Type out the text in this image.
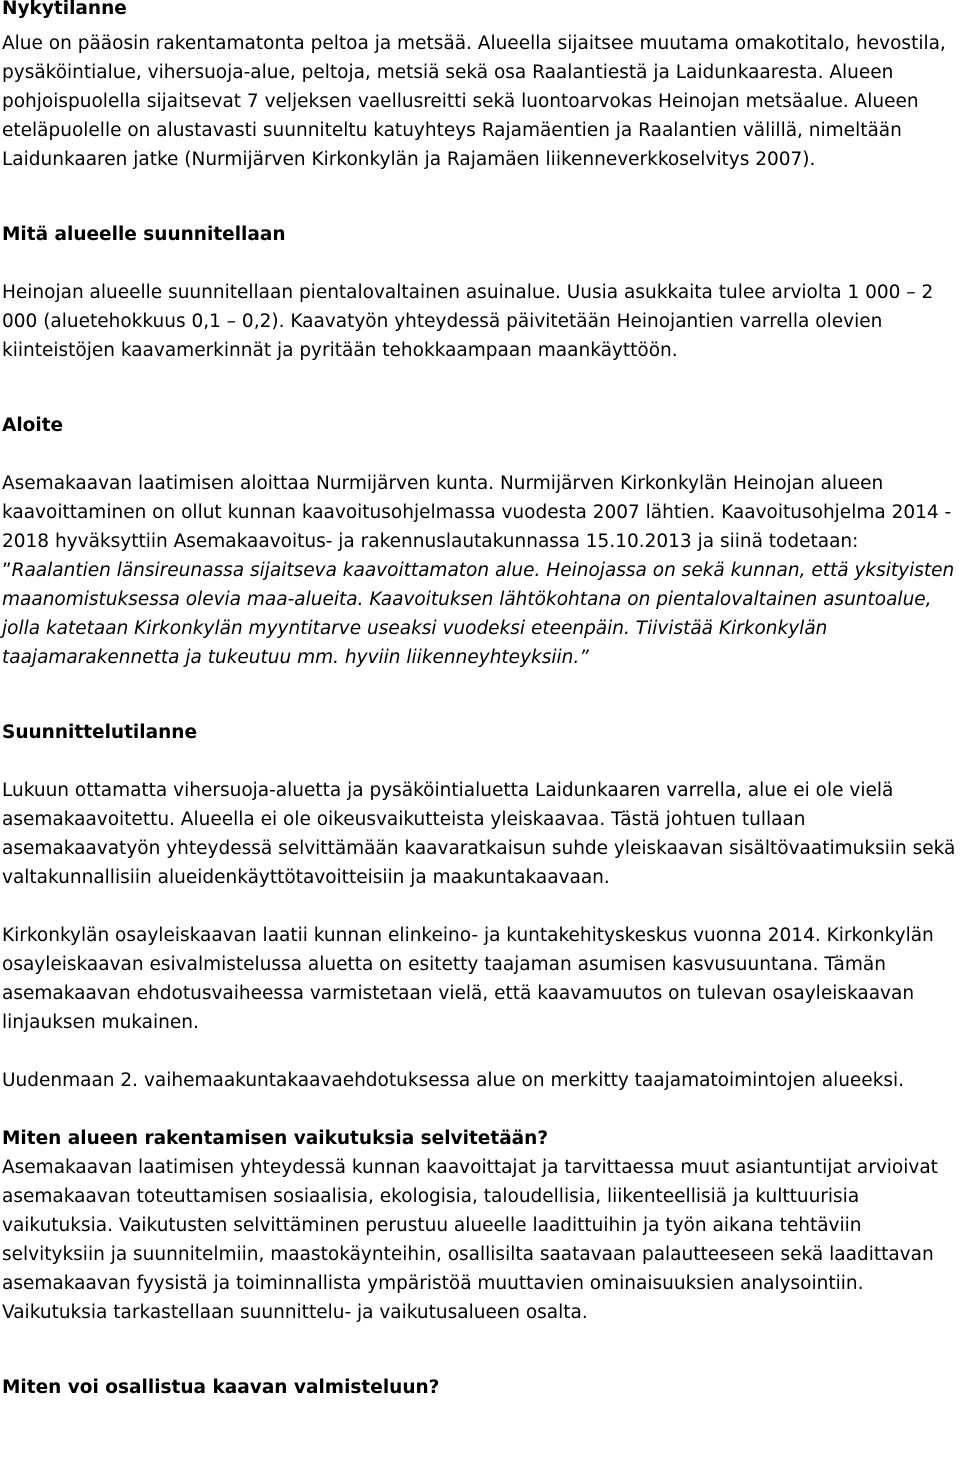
Nykytilanne

Alue on pääosin rakentamatonta peltoa ja metsää. Alueella sijaitsee muutama omakotitalo, hevostila, pysäköintialue, vihersuoja-alue, peltoja, metsiä sekä osa Raalantiestä ja Laidunkaaresta. Alueen pohjoispuolella sijaitsevat 7 veljeksen vaellusreitti sekä luontoarvokas Heinojan metsäalue. Alueen eteläpuolelle on alustavasti suunniteltu katuyhteys Rajamäentien ja Raalantien välillä, nimeltään Laidunkaaren jatke (Nurmijärven Kirkonkylän ja Rajamäen liikenneverkkoselvitys 2007).

Mitä alueelle suunnitellaan

Heinojan alueelle suunnitellaan pientalovaltainen asuinalue. Uusia asukkaita tulee arviolta 1 000 – 2 000 (aluetehokkuus 0,1 – 0,2). Kaavatyön yhteydessä päivitetään Heinojantien varrella olevien kiinteistöjen kaavamerkinnät ja pyritään tehokkaampaan maankäyttöön.

Aloite

Asemakaavan laatimisen aloittaa Nurmijärven kunta. Nurmijärven Kirkonkylän Heinojan alueen kaavoittaminen on ollut kunnan kaavoitusohjelmassa vuodesta 2007 lähtien. Kaavoitusohjelma 2014 - 2018 hyväksyttiin Asemakaavoitus- ja rakennuslautakunnassa 15.10.2013 ja siinä todetaan: ”Raalantien länsireunassa sijaitseva kaavoittamaton alue. Heinojassa on sekä kunnan, että yksityisten maanomistuksessa olevia maa-alueita. Kaavoituksen lähtökohtana on pientalovaltainen asuntoalue, jolla katetaan Kirkonkylän myyntitarve useaksi vuodeksi eteenpäin. Tiivistää Kirkonkylän taajamarakennetta ja tukeutuu mm. hyviin liikenneyhteyksiin.”

Suunnittelutilanne

Lukuun ottamatta vihersuoja-aluetta ja pysäköintialuetta Laidunkaaren varrella, alue ei ole vielä asemakaavoitettu. Alueella ei ole oikeusvaikutteista yleiskaavaa. Tästä johtuen tullaan asemakaavatyön yhteydessä selvittämään kaavaratkaisun suhde yleiskaavan sisältövaatimuksiin sekä valtakunnallisiin alueidenkäyttötavoitteisiin ja maakuntakaavaan.

Kirkonkylän osayleiskaavan laatii kunnan elinkeino- ja kuntakehityskeskus vuonna 2014. Kirkonkylän osayleiskaavan esivalmistelussa aluetta on esitetty taajaman asumisen kasvusuuntana. Tämän asemakaavan ehdotusvaiheessa varmistetaan vielä, että kaavamuutos on tulevan osayleiskaavan linjauksen mukainen.

Uudenmaan 2. vaihemaakuntakaavaehdotuksessa alue on merkitty taajamatoimintojen alueeksi.

Miten alueen rakentamisen vaikutuksia selvitetään?

Asemakaavan laatimisen yhteydessä kunnan kaavoittajat ja tarvittaessa muut asiantuntijat arvioivat asemakaavan toteuttamisen sosiaalisia, ekologisia, taloudellisia, liikenteellisiä ja kulttuurisia vaikutuksia. Vaikutusten selvittäminen perustuu alueelle laadittuihin ja työn aikana tehtäviin selvityksiin ja suunnitelmiin, maastokäynteihin, osallisilta saatavaan palautteeseen sekä laadittavan asemakaavan fyysistä ja toiminnallista ympäristöä muuttavien ominaisuuksien analysointiin. Vaikutuksia tarkastellaan suunnittelu- ja vaikutusalueen osalta.

Miten voi osallistua kaavan valmisteluun?
